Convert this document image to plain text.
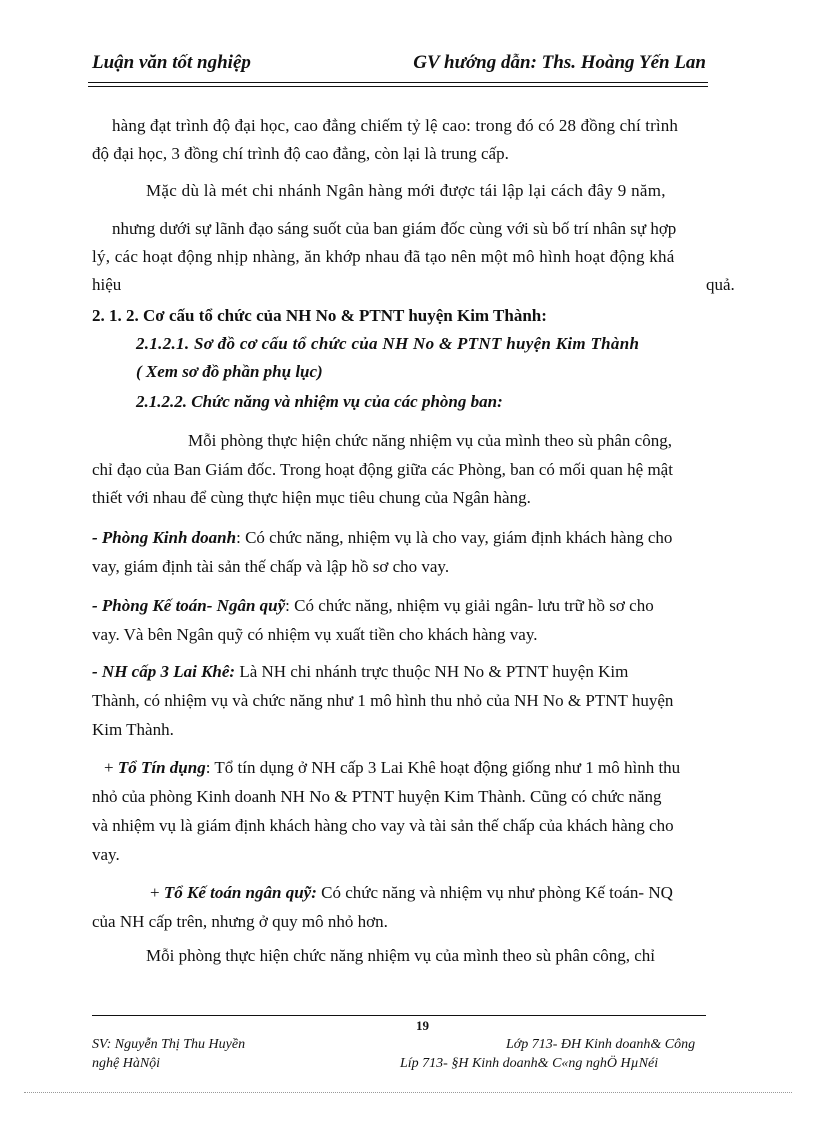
Luận văn tốt nghiệp	GV hướng dẫn: Ths. Hoàng Yến Lan
hàng đạt trình độ đại học, cao đẳng chiếm tỷ lệ cao: trong đó có 28 đồng chí trình
độ đại học, 3 đồng chí trình độ cao đẳng, còn lại là trung cấp.
Mặc dù là mét chi nhánh Ngân hàng mới được tái lập lại cách đây 9 năm,
nhưng dưới sự lãnh đạo sáng suốt của ban giám đốc cùng với sù bố trí nhân sự hợp
lý, các hoạt động nhịp nhàng, ăn khớp nhau đã tạo nên một mô hình hoạt động khá
hiệu	quả.
2. 1. 2. Cơ cấu tổ chức của NH No & PTNT huyện Kim Thành:
2.1.2.1. Sơ đồ cơ cấu tổ chức của NH No & PTNT huyện Kim Thành
( Xem sơ đồ phần phụ lục)
2.1.2.2. Chức năng và nhiệm vụ của các phòng ban:
Mỗi phòng thực hiện chức năng nhiệm vụ của mình theo sù phân công,
chỉ đạo của Ban Giám đốc. Trong hoạt động giữa các Phòng, ban có mối quan hệ mật
thiết với nhau để cùng thực hiện mục tiêu chung của Ngân hàng.
- Phòng Kinh doanh: Có chức năng, nhiệm vụ là cho vay, giám định khách hàng cho
vay, giám định tài sản thế chấp và lập hồ sơ cho vay.
- Phòng Kế toán- Ngân quỹ: Có chức năng, nhiệm vụ giải ngân- lưu trữ hồ sơ cho
vay. Và bên Ngân quỹ có nhiệm vụ xuất tiền cho khách hàng vay.
- NH cấp 3 Lai Khê: Là NH chi nhánh trực thuộc NH No & PTNT huyện Kim
Thành, có nhiệm vụ và chức năng như 1 mô hình thu nhỏ của NH No & PTNT huyện
Kim Thành.
+ Tổ Tín dụng: Tổ tín dụng ở NH cấp 3 Lai Khê hoạt động giống như 1 mô hình thu
nhỏ của phòng Kinh doanh NH No & PTNT huyện Kim Thành. Cũng có chức năng
và nhiệm vụ là giám định khách hàng cho vay và tài sản thế chấp của khách hàng cho
vay.
+ Tổ Kế toán ngân quỹ: Có chức năng và nhiệm vụ như phòng Kế toán- NQ
của NH cấp trên, nhưng ở quy mô nhỏ hơn.
Mỗi phòng thực hiện chức năng nhiệm vụ của mình theo sù phân công, chỉ
19
SV: Nguyễn Thị Thu Huyền	Lớp 713- ĐH Kinh doanh& Công
nghệ HàNội	Líp 713- §H Kinh doanh& C«ng nghÖ HµNéi
